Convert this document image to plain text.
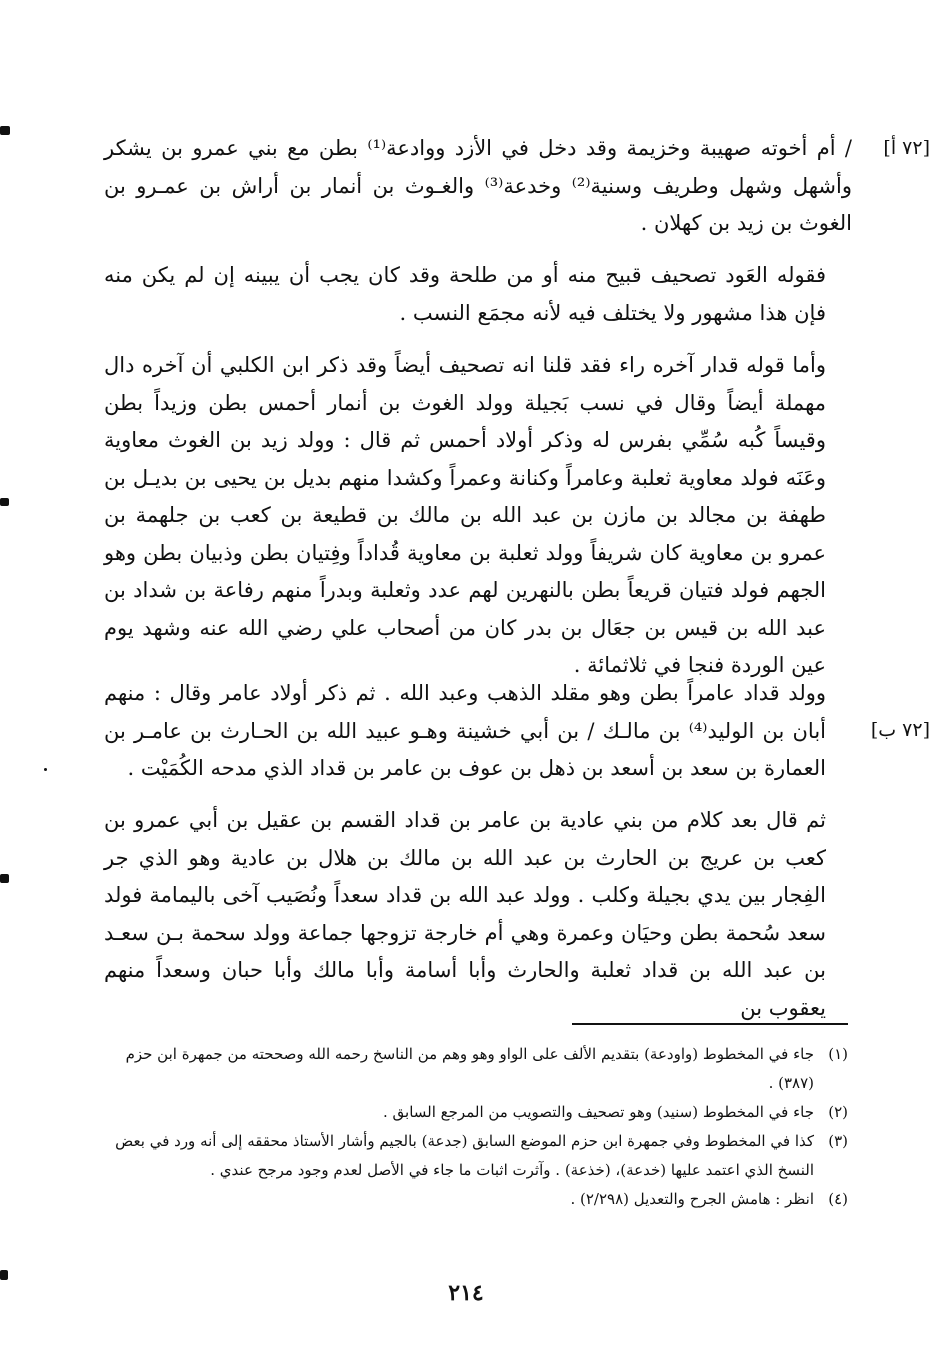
[٧٢ أ]
[٧٢ ب]

/ أم أخوته صهيبة وخزيمة وقد دخل في الأزد ووادعة⁽¹⁾ بطن مع بني عمرو بن يشكر وأشهل وشهل وطريف وسنية⁽²⁾ وخدعة⁽³⁾ والغـوث بن أنمار بن أراش بن عمـرو بن الغوث بن زيد بن كهلان .

فقوله العَود تصحيف قبيح منه أو من طلحة وقد كان يجب أن يبينه إن لم يكن منه فإن هذا مشهور ولا يختلف فيه لأنه مجمَع النسب .

وأما قوله قدار آخره راء فقد قلنا انه تصحيف أيضاً وقد ذكر ابن الكلبي أن آخره دال مهملة أيضاً وقال في نسب بَجيلة وولد الغوث بن أنمار أحمس بطن وزيداً بطن وقيساً كُبه سُمِّي بفرس له وذكر أولاد أحمس ثم قال : وولد زيد بن الغوث معاوية وعَنَه فولد معاوية ثعلبة وعامراً وكنانة وعمراً وكشدا منهم بديل بن يحيى بن بديـل بن طهفة بن مجالد بن مازن بن عبد الله بن مالك بن قطيعة بن كعب بن جلهمة بن عمرو بن معاوية كان شريفاً وولد ثعلبة بن معاوية قُداداً وفِتيان بطن وذبيان بطن وهو الجهم فولد فتيان قريعاً بطن بالنهرين لهم عدد وثعلبة وبدراً منهم رفاعة بن شداد بن عبد الله بن قيس بن جعَال بن بدر كان من أصحاب علي رضي الله عنه وشهد يوم عين الوردة فنجا في ثلاثمائة .

وولد قداد عامراً بطن وهو مقلد الذهب وعبد الله . ثم ذكر أولاد عامر وقال : منهم أبان بن الوليد⁽⁴⁾ بن مالـك / بن أبي خشينة وهـو عبيد الله بن الحـارث بن عامـر بن العمارة بن سعد بن أسعد بن ذهل بن عوف بن عامر بن قداد الذي مدحه الكُمَيْت .

ثم قال بعد كلام من بني عادية بن عامر بن قداد القسم بن عقيل بن أبي عمرو بن كعب بن عريج بن الحارث بن عبد الله بن مالك بن هلال بن عادية وهو الذي جر الفِجار بين يدي بجيلة وكلب . وولد عبد الله بن قداد سعداً ونُصَيب آخى باليمامة فولد سعد سُحمة بطن وحيَان وعمرة وهي أم خارجة تزوجها جماعة وولد سحمة بـن سعـد بن عبد الله بن قداد ثعلبة والحارث وأبا أسامة وأبا مالك وأبا حبان وسعداً منهم يعقوب بن

(١)جاء في المخطوط (واودعة) بتقديم الألف على الواو وهو وهم من الناسخ رحمه الله وصححته من جمهرة ابن حزم (٣٨٧) .

(٢)جاء في المخطوط (سنيد) وهو تصحيف والتصويب من المرجع السابق .

(٣)كذا في المخطوط وفي جمهرة ابن حزم الموضع السابق (جدعة) بالجيم وأشار الأستاذ محققه إلى أنه ورد في بعض النسخ الذي اعتمد عليها (خدعة)، (خذعة) . وآثرت اثبات ما جاء في الأصل لعدم وجود مرجح عندي .

(٤)انظر : هامش الجرح والتعديل (٢/٢٩٨) .

٢١٤
